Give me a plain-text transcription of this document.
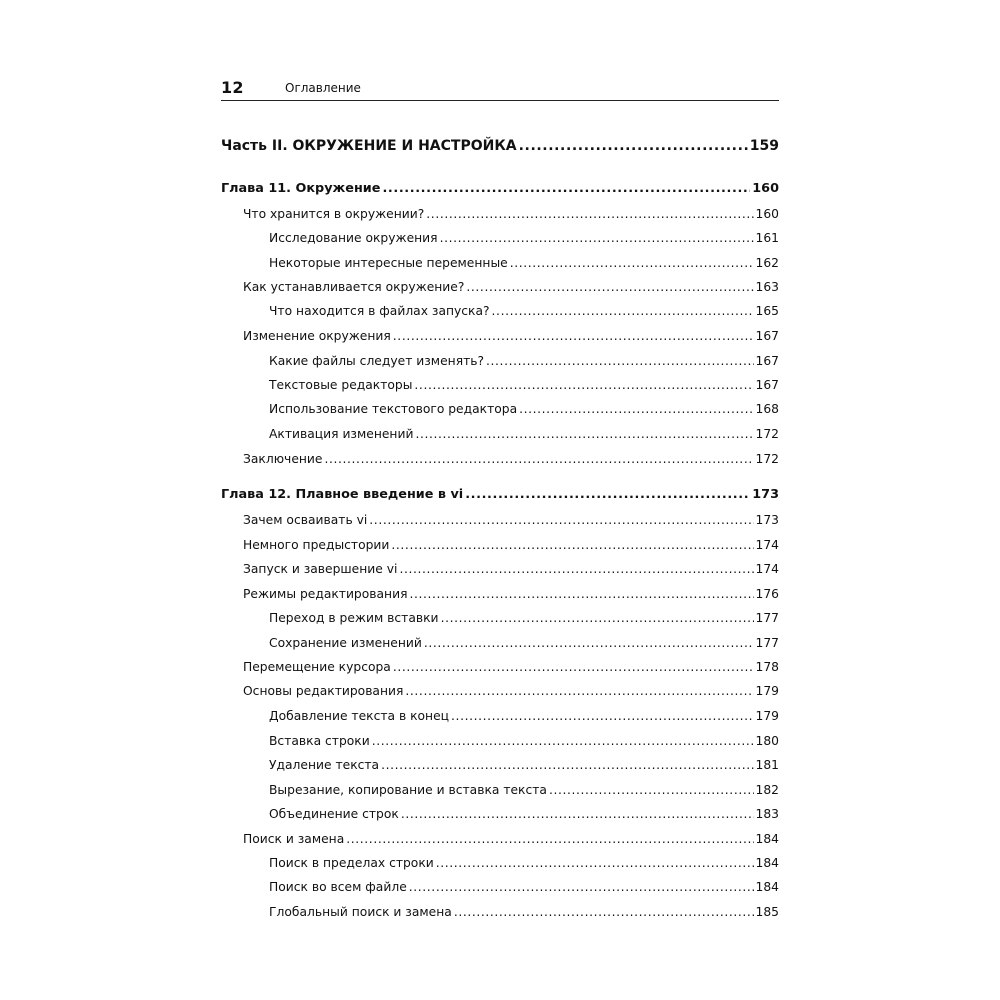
12	Оглавление
Часть II. ОКРУЖЕНИЕ И НАСТРОЙКА .....	159
Глава 11. Окружение .....	160
Что хранится в окружении? .....	160
Исследование окружения .....	161
Некоторые интересные переменные .....	162
Как устанавливается окружение? .....	163
Что находится в файлах запуска? .....	165
Изменение окружения .....	167
Какие файлы следует изменять? .....	167
Текстовые редакторы .....	167
Использование текстового редактора .....	168
Активация изменений .....	172
Заключение .....	172
Глава 12. Плавное введение в vi .....	173
Зачем осваивать vi .....	173
Немного предыстории .....	174
Запуск и завершение vi .....	174
Режимы редактирования .....	176
Переход в режим вставки .....	177
Сохранение изменений .....	177
Перемещение курсора .....	178
Основы редактирования .....	179
Добавление текста в конец .....	179
Вставка строки .....	180
Удаление текста .....	181
Вырезание, копирование и вставка текста .....	182
Объединение строк .....	183
Поиск и замена .....	184
Поиск в пределах строки .....	184
Поиск во всем файле .....	184
Глобальный поиск и замена .....	185
